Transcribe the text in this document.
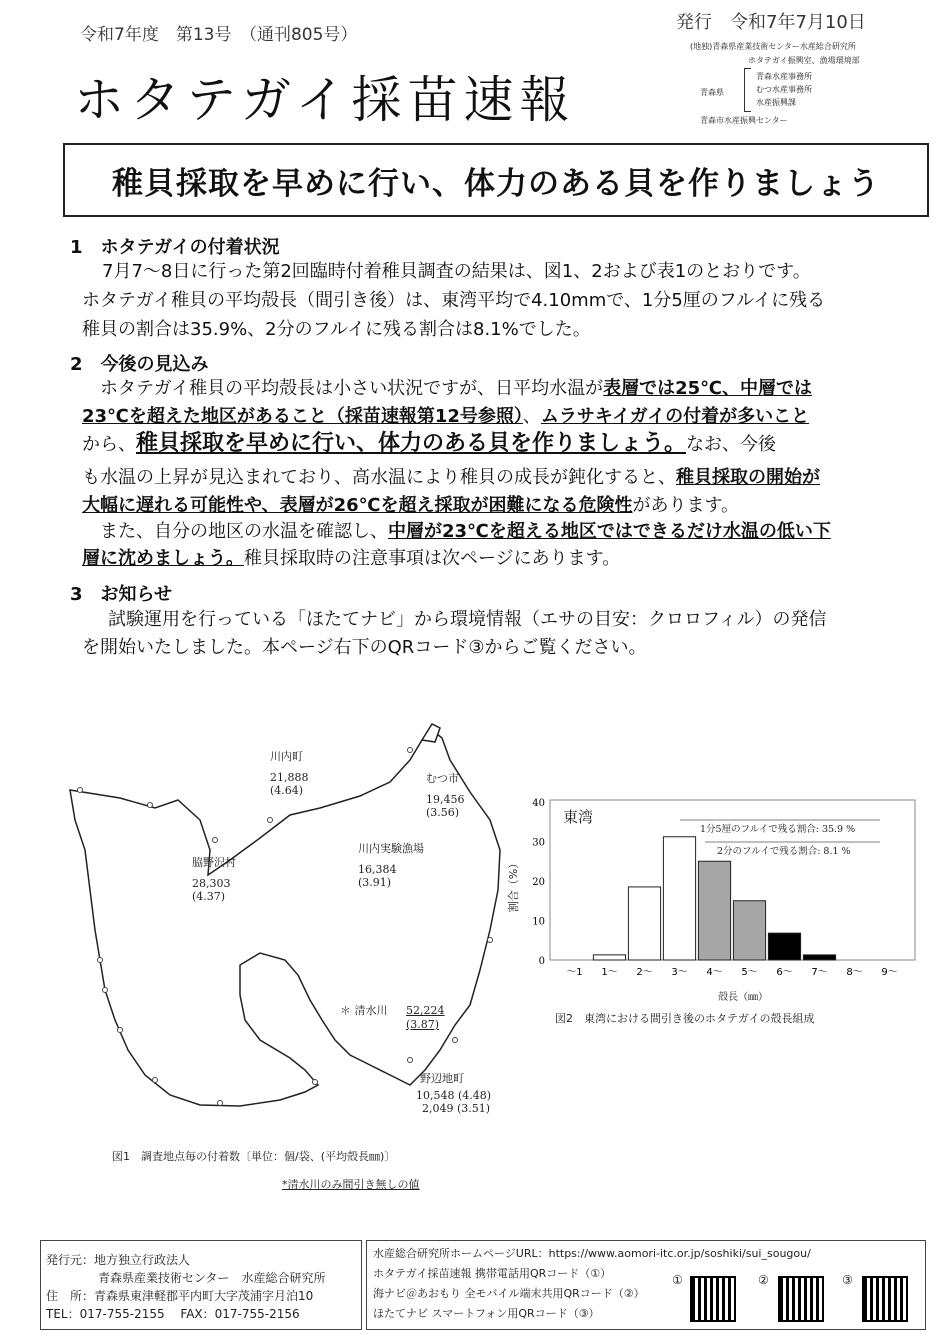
令和7年度　第13号　（通刊805号）
発行　令和7年7月10日
ホタテガイ採苗速報
(地独)青森県産業技術センター水産総合研究所
ホタテガイ振興室、漁場環境部
青森県
青森水産事務所
むつ水産事務所
水産振興課
青森市水産振興センター
稚貝採取を早めに行い、体力のある貝を作りましょう
1　ホタテガイの付着状況
7月7～8日に行った第2回臨時付着稚貝調査の結果は、図1、2および表1のとおりです。
ホタテガイ稚貝の平均殻長（間引き後）は、東湾平均で4.10mmで、1分5厘のフルイに残る
稚貝の割合は35.9%、2分のフルイに残る割合は8.1%でした。
2　今後の見込み
ホタテガイ稚貝の平均殻長は小さい状況ですが、日平均水温が表層では25℃、中層では
23℃を超えた地区があること（採苗速報第12号参照）、ムラサキイガイの付着が多いこと
から、稚貝採取を早めに行い、体力のある貝を作りましょう。なお、今後
も水温の上昇が見込まれており、高水温により稚貝の成長が鈍化すると、稚貝採取の開始が
大幅に遅れる可能性や、表層が26℃を超え採取が困難になる危険性があります。
また、自分の地区の水温を確認し、中層が23℃を超える地区ではできるだけ水温の低い下
層に沈めましょう。稚貝採取時の注意事項は次ページにあります。
3　お知らせ
試験運用を行っている「ほたてナビ」から環境情報（エサの目安：クロロフィル）の発信
を開始いたしました。本ページ右下のQRコード③からご覧ください。
川内町
21,888
(4.64)
むつ市
19,456
(3.56)
川内実験漁場
16,384
(3.91)
脇野沢村
28,303
(4.37)
＊ 清水川 52,224
(3.87)
野辺地町
10,548 (4.48)
2,049 (3.51)
図1　調査地点毎の付着数〔単位：個/袋、(平均殻長㎜)〕
*清水川のみ間引き無しの値
東湾
1分5厘のフルイで残る割合: 35.9 %
2分のフルイで残る割合: 8.1 %
割合（%）
殻長（㎜）
0
10
20
30
40
～1 1～ 2～ 3～ 4～ 5～ 6～ 7～ 8～ 9～
図2　東湾における間引き後のホタテガイの殻長組成
発行元：地方独立行政法人
青森県産業技術センター　水産総合研究所
住　所：青森県東津軽郡平内町大字茂浦字月泊10
TEL：017-755-2155　 FAX：017-755-2156
水産総合研究所ホームページURL：https://www.aomori-itc.or.jp/soshiki/sui_sougou/
ホタテガイ採苗速報 携帯電話用QRコード（①）
海ナビ＠あおもり 全モバイル端末共用QRコード（②）
ほたてナビ スマートフォン用QRコード（③）
①	②	③
